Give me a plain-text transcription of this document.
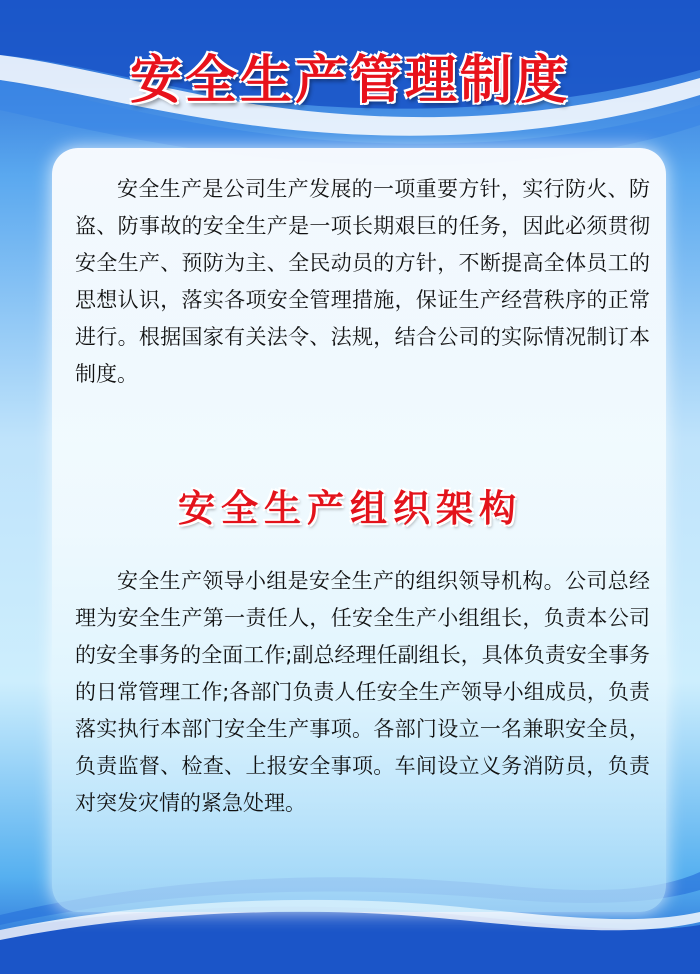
安全生产管理制度

安全生产是公司生产发展的一项重要方针，实行防火、防盗、防事故的安全生产是一项长期艰巨的任务，因此必须贯彻安全生产、预防为主、全民动员的方针，不断提高全体员工的思想认识，落实各项安全管理措施，保证生产经营秩序的正常进行。根据国家有关法令、法规，结合公司的实际情况制订本制度。

安全生产组织架构

安全生产领导小组是安全生产的组织领导机构。公司总经理为安全生产第一责任人，任安全生产小组组长，负责本公司的安全事务的全面工作;副总经理任副组长，具体负责安全事务的日常管理工作;各部门负责人任安全生产领导小组成员，负责落实执行本部门安全生产事项。各部门设立一名兼职安全员， 负责监督、检查、上报安全事项。车间设立义务消防员，负责对突发灾情的紧急处理。
